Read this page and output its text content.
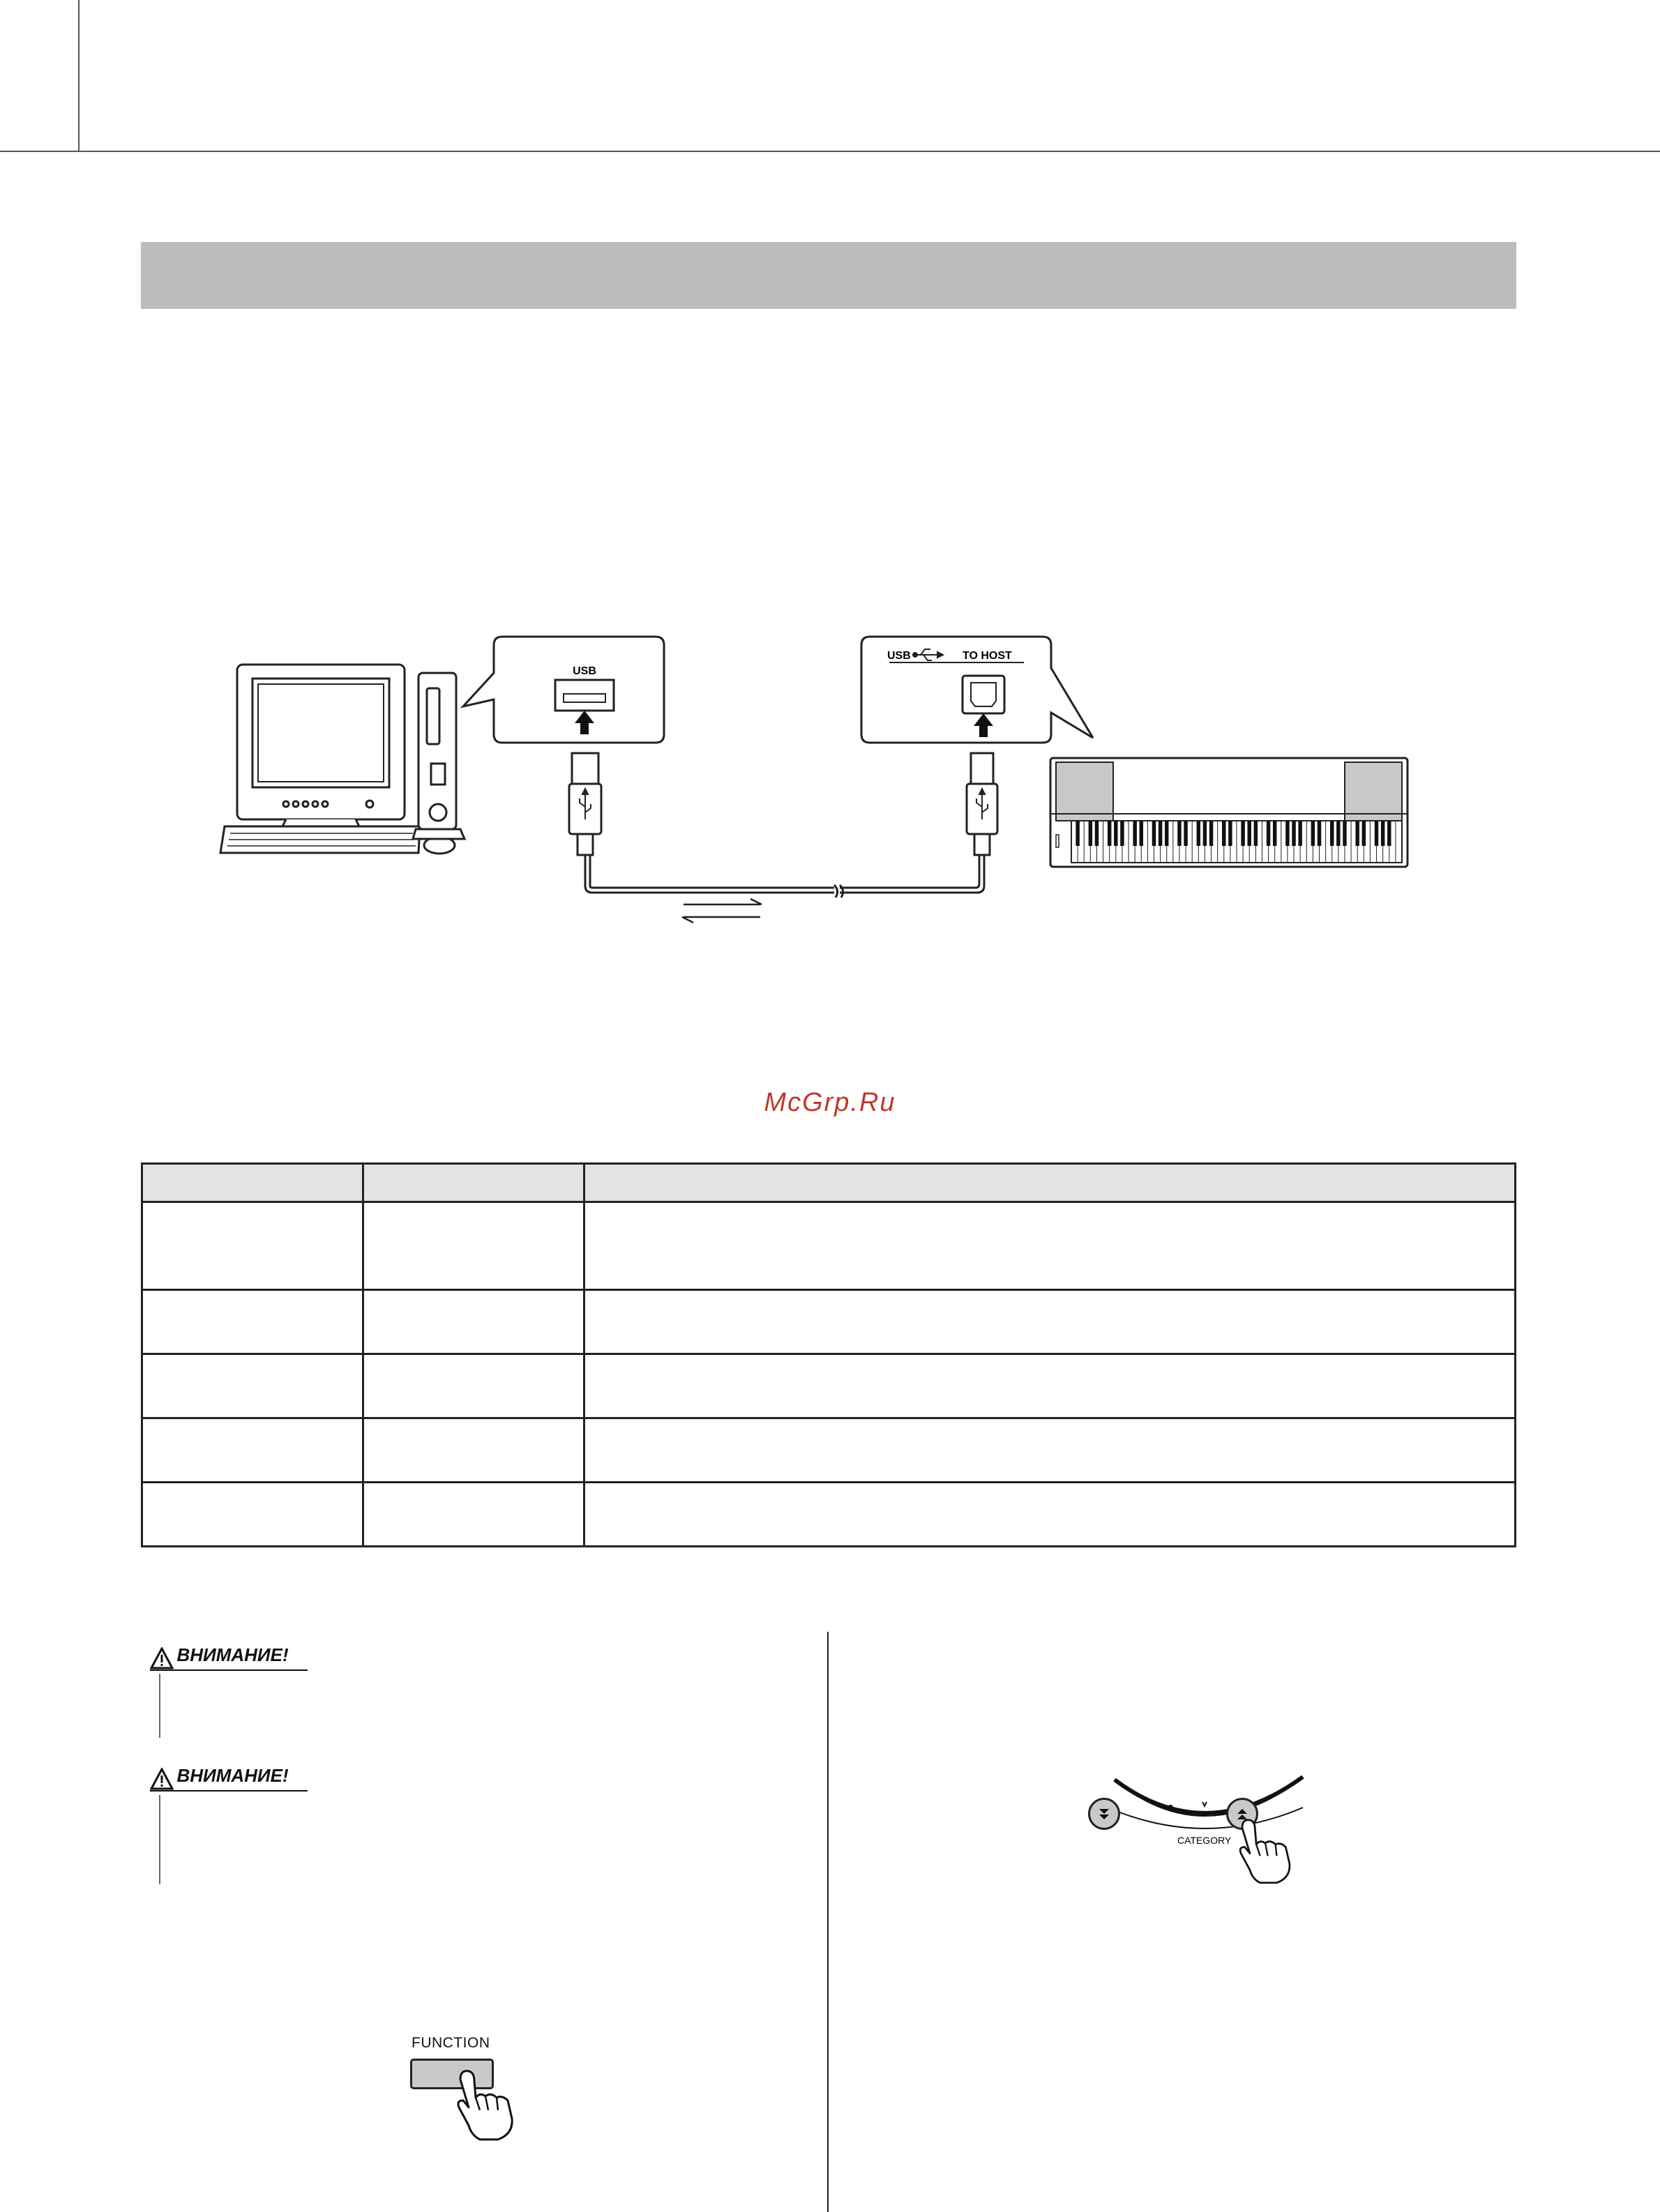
USB
USB	TO HOST
McGrp.Ru

ВНИМАНИЕ!
ВНИМАНИЕ!
FUNCTION
CATEGORY
